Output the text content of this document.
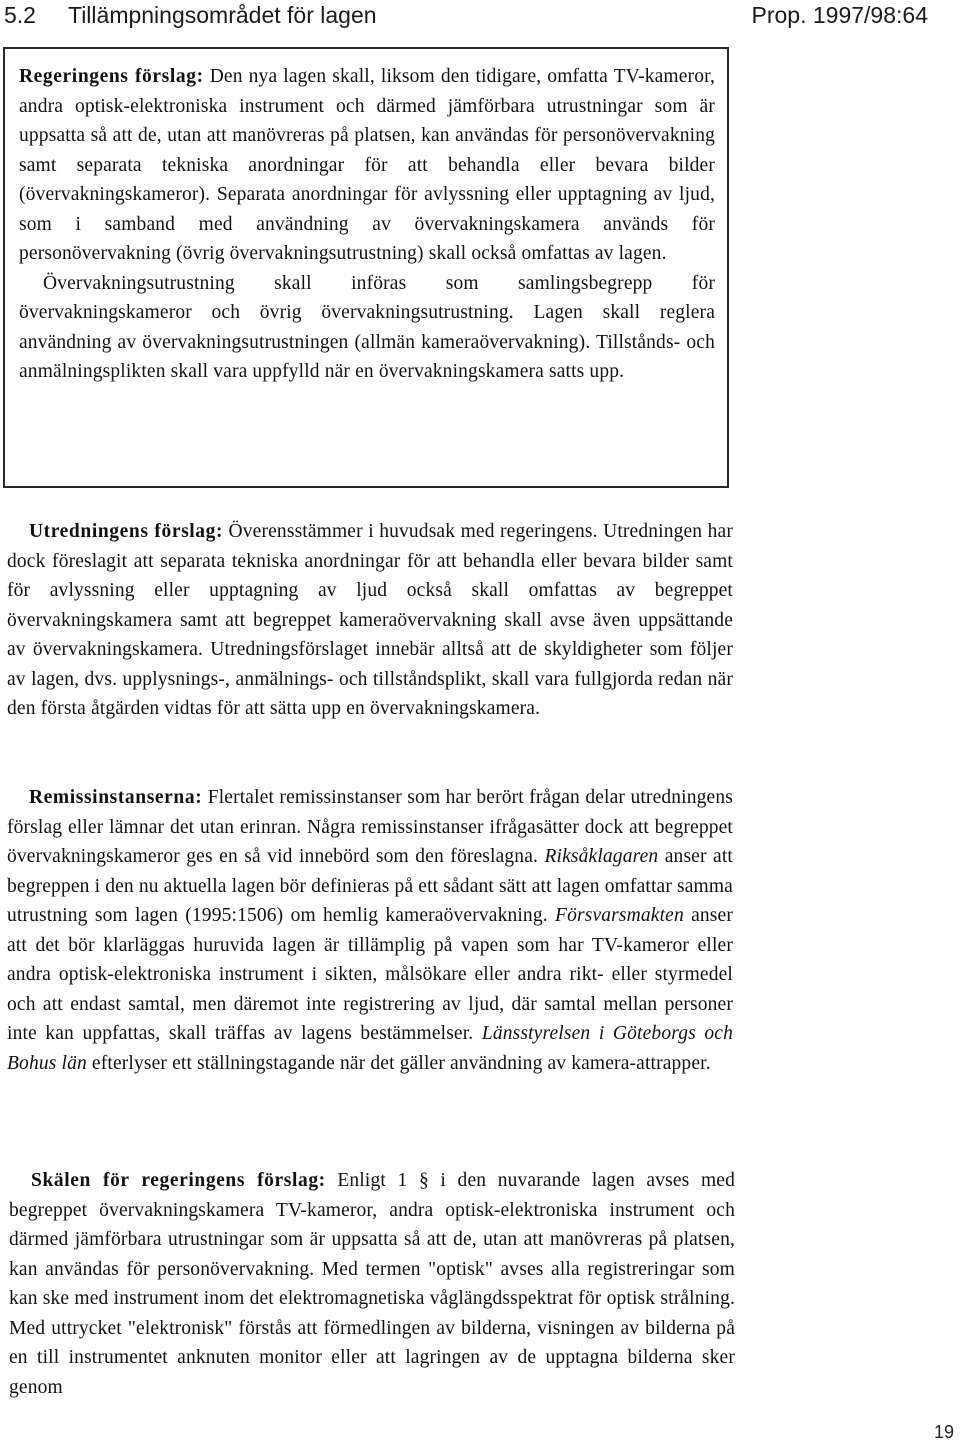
5.2 Tillämpningsområdet för lagen	Prop. 1997/98:64

Regeringens förslag: Den nya lagen skall, liksom den tidigare, omfatta TV-kameror, andra optisk-elektroniska instrument och därmed jämförbara utrustningar som är uppsatta så att de, utan att manövreras på platsen, kan användas för personövervakning samt separata tekniska anordningar för att behandla eller bevara bilder (övervakningskameror). Separata anordningar för avlyssning eller upptagning av ljud, som i samband med användning av övervakningskamera används för personövervakning (övrig övervakningsutrustning) skall också omfattas av lagen.
Övervakningsutrustning skall införas som samlingsbegrepp för övervakningskameror och övrig övervakningsutrustning. Lagen skall reglera användning av övervakningsutrustningen (allmän kameraövervakning). Tillstånds- och anmälningsplikten skall vara uppfylld när en övervakningskamera satts upp.

Utredningens förslag: Överensstämmer i huvudsak med regeringens. Utredningen har dock föreslagit att separata tekniska anordningar för att behandla eller bevara bilder samt för avlyssning eller upptagning av ljud också skall omfattas av begreppet övervakningskamera samt att begreppet kameraövervakning skall avse även uppsättande av övervakningskamera. Utredningsförslaget innebär alltså att de skyldigheter som följer av lagen, dvs. upplysnings-, anmälnings- och tillståndsplikt, skall vara fullgjorda redan när den första åtgärden vidtas för att sätta upp en övervakningskamera.

Remissinstanserna: Flertalet remissinstanser som har berört frågan delar utredningens förslag eller lämnar det utan erinran. Några remissinstanser ifrågasätter dock att begreppet övervakningskameror ges en så vid innebörd som den föreslagna. Riksåklagaren anser att begreppen i den nu aktuella lagen bör definieras på ett sådant sätt att lagen omfattar samma utrustning som lagen (1995:1506) om hemlig kameraövervakning. Försvarsmakten anser att det bör klarläggas huruvida lagen är tillämplig på vapen som har TV-kameror eller andra optisk-elektroniska instrument i sikten, målsökare eller andra rikt- eller styrmedel och att endast samtal, men däremot inte registrering av ljud, där samtal mellan personer inte kan uppfattas, skall träffas av lagens bestämmelser. Länsstyrelsen i Göteborgs och Bohus län efterlyser ett ställningstagande när det gäller användning av kamera-attrapper.

Skälen för regeringens förslag: Enligt 1 § i den nuvarande lagen avses med begreppet övervakningskamera TV-kameror, andra optisk-elektroniska instrument och därmed jämförbara utrustningar som är uppsatta så att de, utan att manövreras på platsen, kan användas för personövervakning. Med termen "optisk" avses alla registreringar som kan ske med instrument inom det elektromagnetiska våglängdsspektrat för optisk strålning. Med uttrycket "elektronisk" förstås att förmedlingen av bilderna, visningen av bilderna på en till instrumentet anknuten monitor eller att lagringen av de upptagna bilderna sker genom

19
